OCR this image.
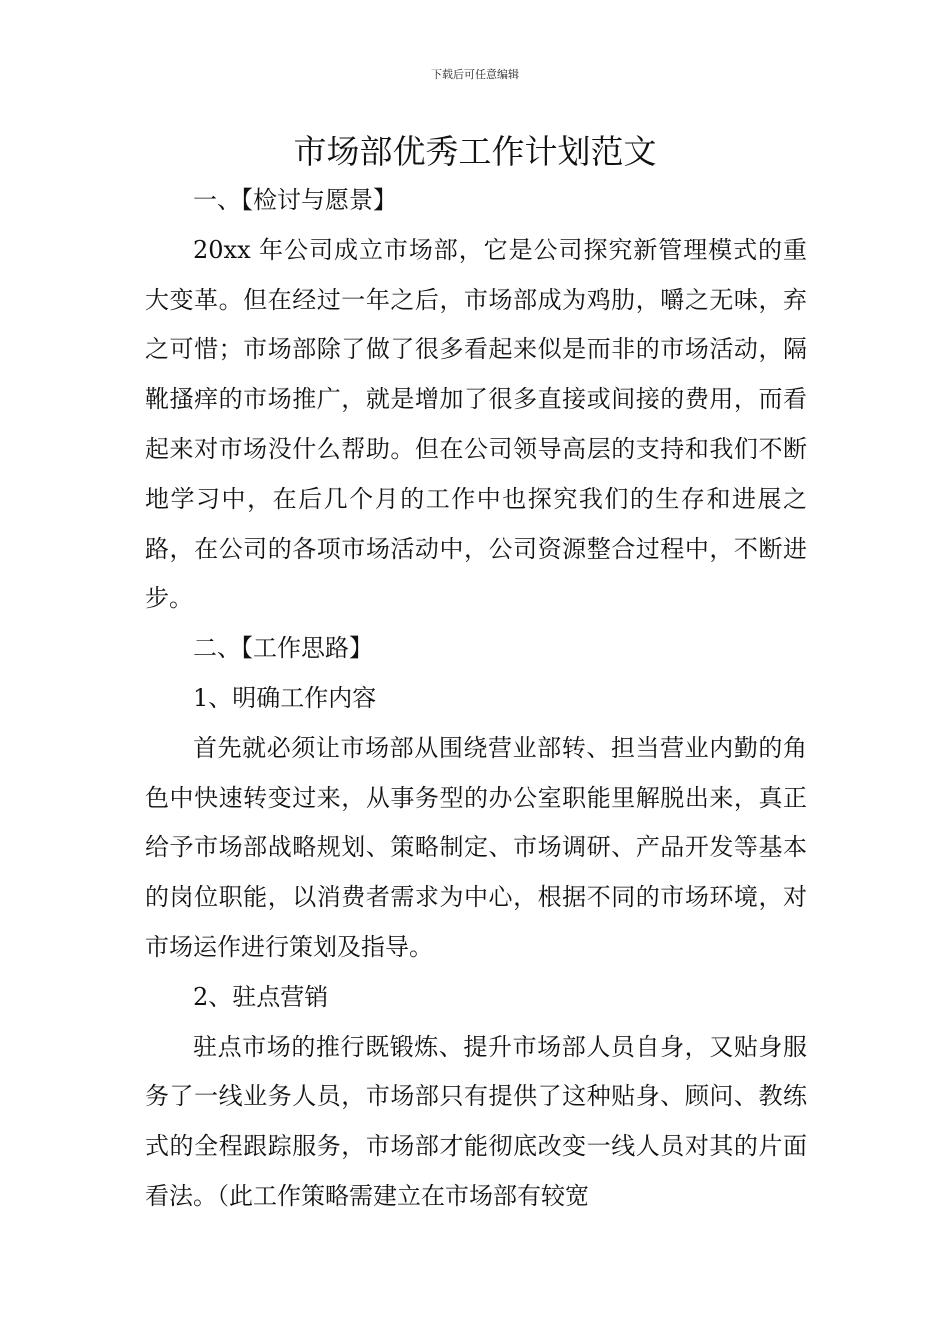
下载后可任意编辑
市场部优秀工作计划范文

一、【检讨与愿景】

20xx 年公司成立市场部，它是公司探究新管理模式的重大变革。但在经过一年之后，市场部成为鸡肋，嚼之无味，弃之可惜；市场部除了做了很多看起来似是而非的市场活动，隔靴搔痒的市场推广，就是增加了很多直接或间接的费用，而看起来对市场没什么帮助。但在公司领导高层的支持和我们不断地学习中，在后几个月的工作中也探究我们的生存和进展之路，在公司的各项市场活动中，公司资源整合过程中，不断进步。

二、【工作思路】

1、明确工作内容

首先就必须让市场部从围绕营业部转、担当营业内勤的角色中快速转变过来，从事务型的办公室职能里解脱出来，真正给予市场部战略规划、策略制定、市场调研、产品开发等基本的岗位职能，以消费者需求为中心，根据不同的市场环境，对市场运作进行策划及指导。

2、驻点营销

驻点市场的推行既锻炼、提升市场部人员自身，又贴身服务了一线业务人员，市场部只有提供了这种贴身、顾问、教练式的全程跟踪服务，市场部才能彻底改变一线人员对其的片面看法。（此工作策略需建立在市场部有较宽
